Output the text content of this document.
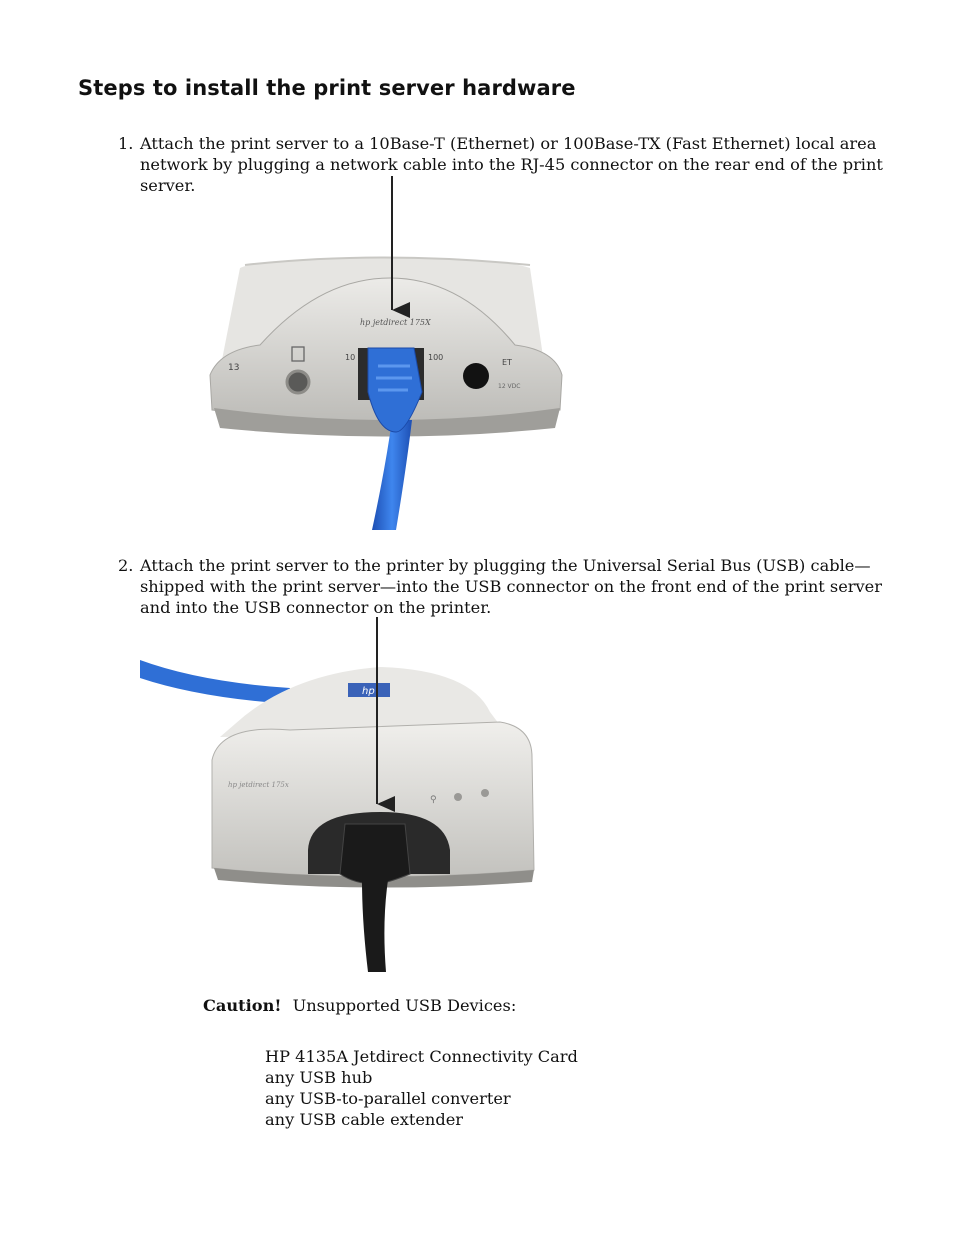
Steps to install the print server hardware
1. Attach the print server to a 10Base-T (Ethernet) or 100Base-TX (Fast Ethernet) local area network by plugging a network cable into the RJ-45 connector on the rear end of the print server.
hp jetdirect 175X
13
10	100
ET
12 VDC
2. Attach the print server to the printer by plugging the Universal Serial Bus (USB) cable—shipped with the print server—into the USB connector on the front end of the print server and into the USB connector on the printer.
hp
hp jetdirect 175x
⚲
Caution! Unsupported USB Devices:
HP 4135A Jetdirect Connectivity Card
any USB hub
any USB-to-parallel converter
any USB cable extender
